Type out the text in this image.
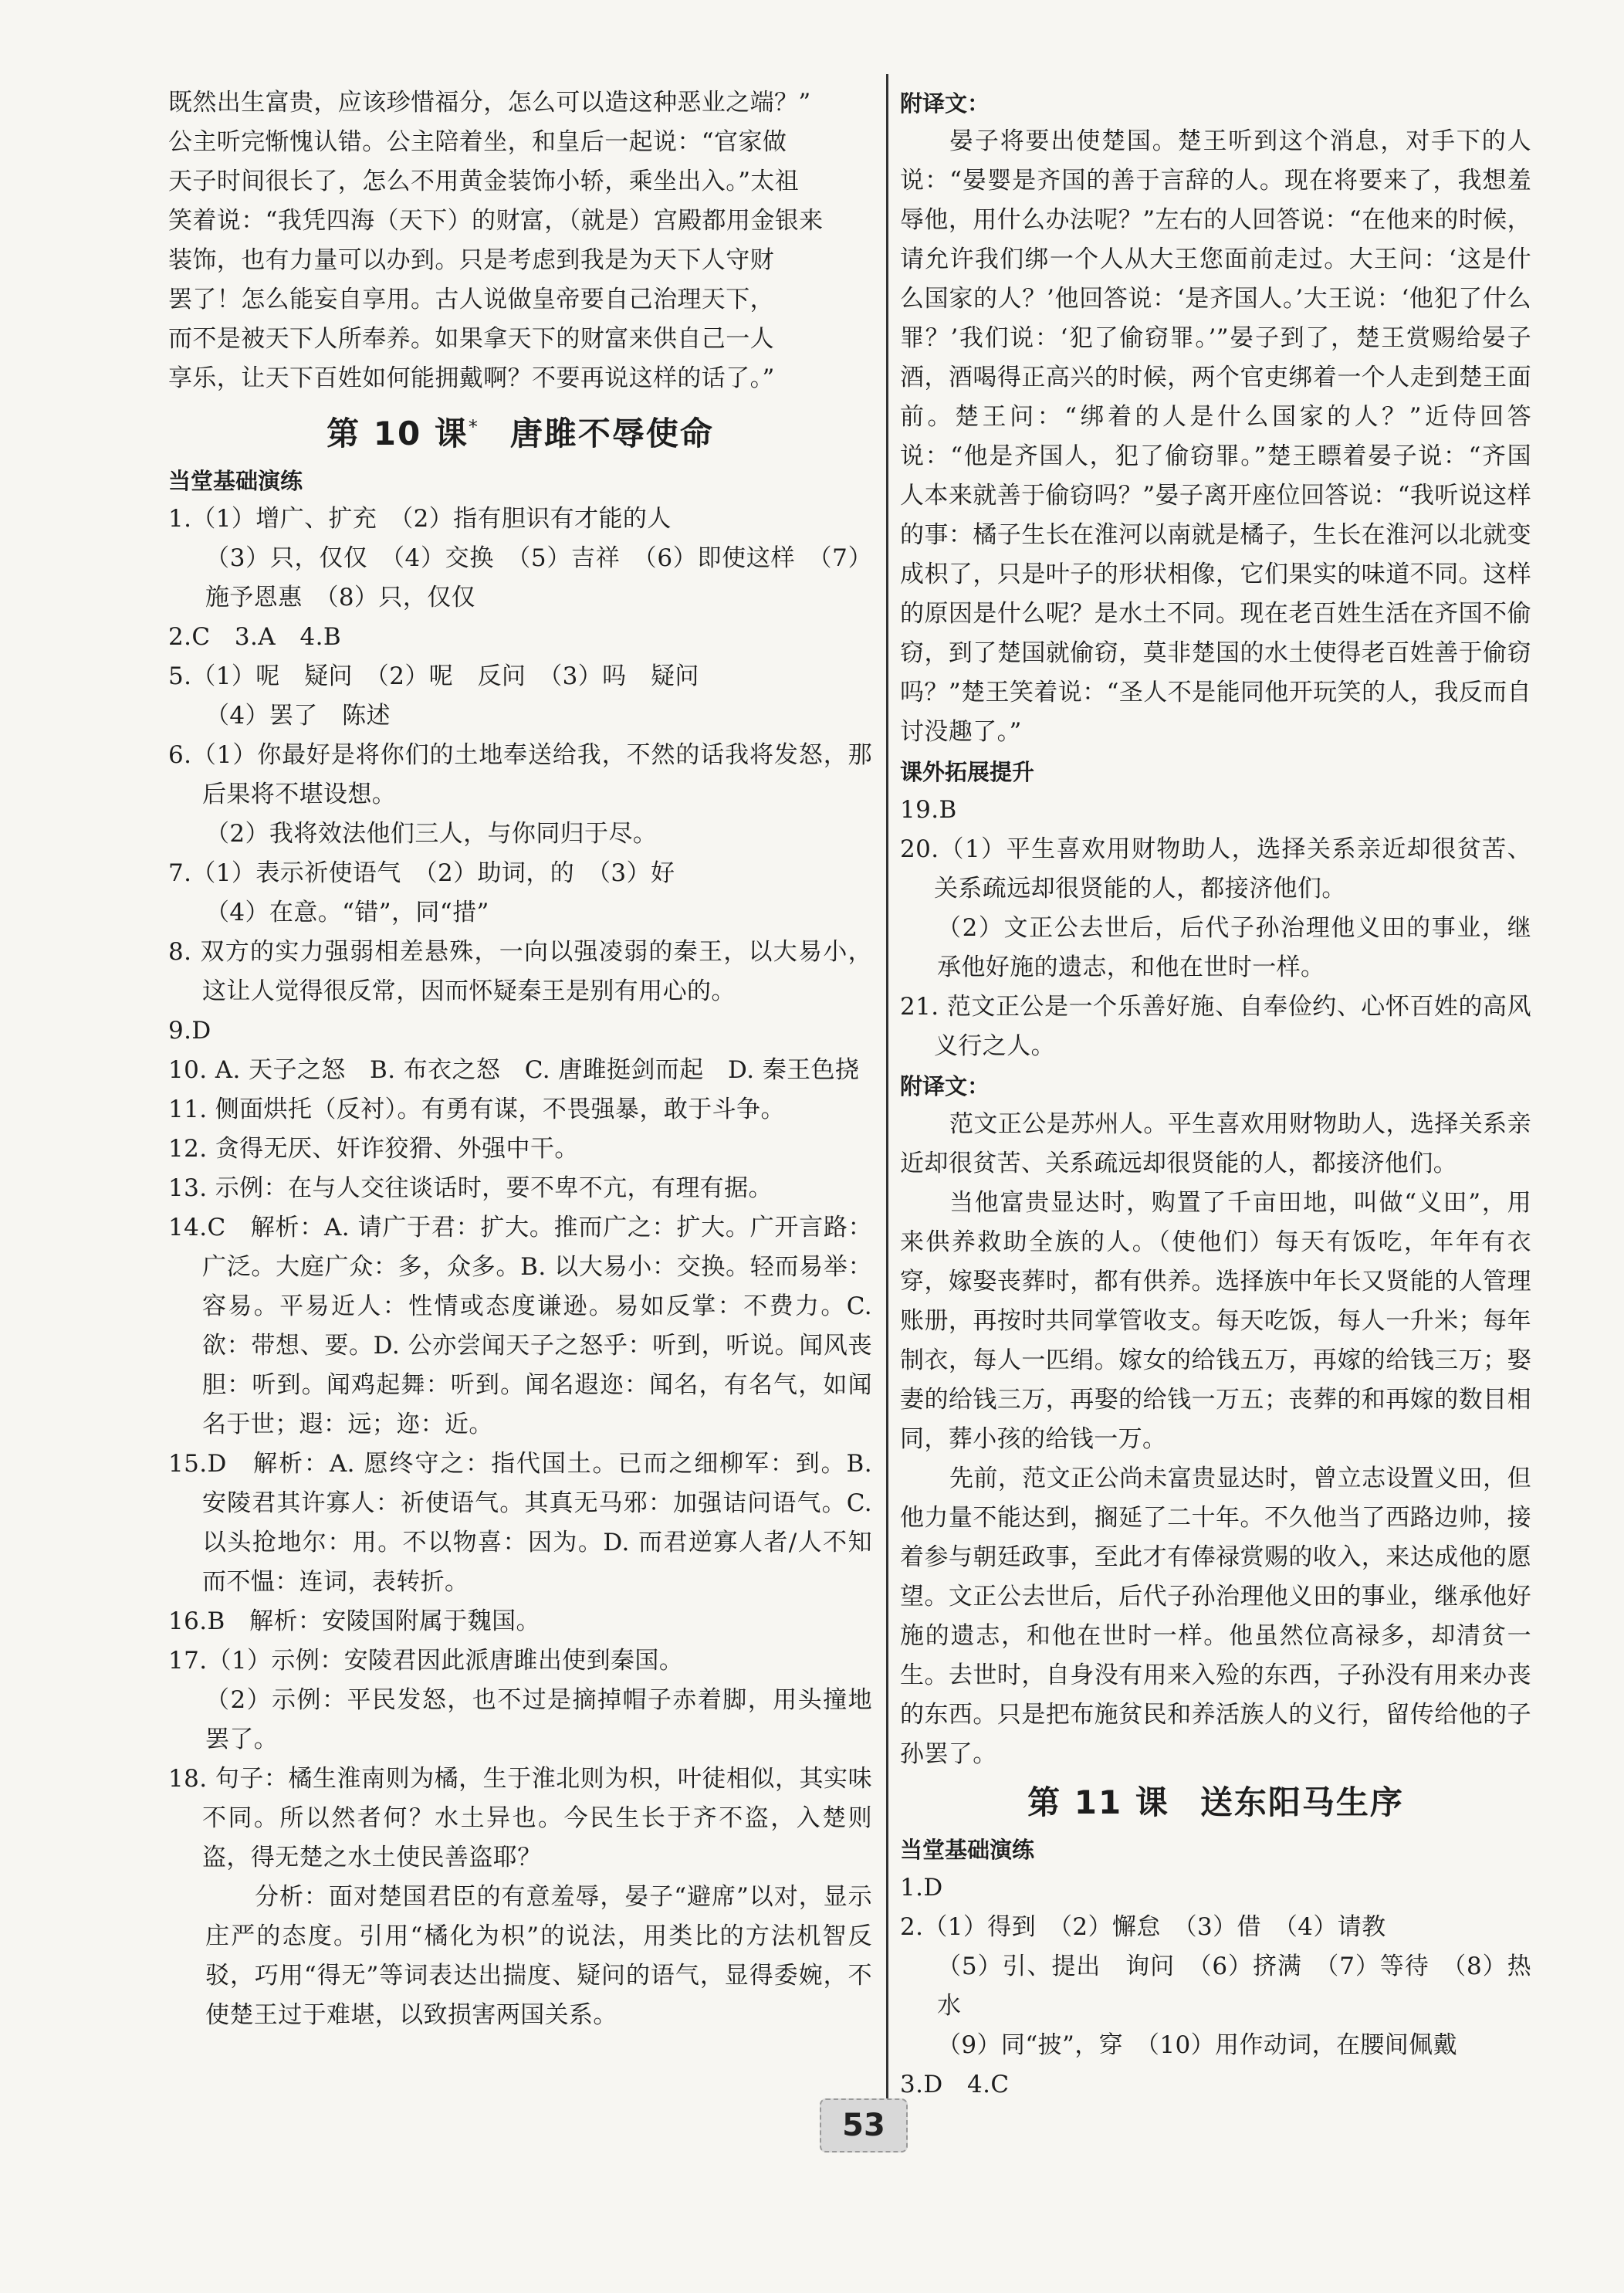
既然出生富贵，应该珍惜福分，怎么可以造这种恶业之端？”

公主听完惭愧认错。公主陪着坐，和皇后一起说：“官家做

天子时间很长了，怎么不用黄金装饰小轿，乘坐出入。”太祖

笑着说：“我凭四海（天下）的财富，（就是）宫殿都用金银来

装饰，也有力量可以办到。只是考虑到我是为天下人守财

罢了！怎么能妄自享用。古人说做皇帝要自己治理天下，

而不是被天下人所奉养。如果拿天下的财富来供自己一人

享乐，让天下百姓如何能拥戴啊？不要再说这样的话了。”

第 10 课* 唐雎不辱使命
当堂基础演练

1.（1）增广、扩充　（2）指有胆识有才能的人

（3）只，仅仅　（4）交换　（5）吉祥　（6）即使这样　（7）施予恩惠　（8）只，仅仅

2.C　3.A　4.B

5.（1）呢　疑问　（2）呢　反问　（3）吗　疑问

（4）罢了　陈述

6.（1）你最好是将你们的土地奉送给我，不然的话我将发怒，那后果将不堪设想。

（2）我将效法他们三人，与你同归于尽。

7.（1）表示祈使语气　（2）助词，的　（3）好

（4）在意。“错”，同“措”

8. 双方的实力强弱相差悬殊，一向以强凌弱的秦王，以大易小，这让人觉得很反常，因而怀疑秦王是别有用心的。

9.D

10. A. 天子之怒　B. 布衣之怒　C. 唐雎挺剑而起　D. 秦王色挠

11. 侧面烘托（反衬）。有勇有谋，不畏强暴，敢于斗争。

12. 贪得无厌、奸诈狡猾、外强中干。

13. 示例：在与人交往谈话时，要不卑不亢，有理有据。

14.C　解析：A. 请广于君：扩大。推而广之：扩大。广开言路：广泛。大庭广众：多，众多。B. 以大易小：交换。轻而易举：容易。平易近人：性情或态度谦逊。易如反掌：不费力。C. 欲：带想、要。D. 公亦尝闻天子之怒乎：听到，听说。闻风丧胆：听到。闻鸡起舞：听到。闻名遐迩：闻名，有名气，如闻名于世；遐：远；迩：近。

15.D　解析：A. 愿终守之：指代国土。已而之细柳军：到。B. 安陵君其许寡人：祈使语气。其真无马邪：加强诘问语气。C. 以头抢地尔：用。不以物喜：因为。D. 而君逆寡人者/人不知而不愠：连词，表转折。

16.B　解析：安陵国附属于魏国。

17.（1）示例：安陵君因此派唐雎出使到秦国。

（2）示例：平民发怒，也不过是摘掉帽子赤着脚，用头撞地罢了。

18. 句子：橘生淮南则为橘，生于淮北则为枳，叶徒相似，其实味不同。所以然者何？水土异也。今民生长于齐不盗，入楚则盗，得无楚之水土使民善盗耶？

分析：面对楚国君臣的有意羞辱，晏子“避席”以对，显示庄严的态度。引用“橘化为枳”的说法，用类比的方法机智反驳，巧用“得无”等词表达出揣度、疑问的语气，显得委婉，不使楚王过于难堪，以致损害两国关系。

附译文：

晏子将要出使楚国。楚王听到这个消息，对手下的人说：“晏婴是齐国的善于言辞的人。现在将要来了，我想羞辱他，用什么办法呢？”左右的人回答说：“在他来的时候，请允许我们绑一个人从大王您面前走过。大王问：‘这是什么国家的人？’他回答说：‘是齐国人。’大王说：‘他犯了什么罪？’我们说：‘犯了偷窃罪。’”晏子到了，楚王赏赐给晏子酒，酒喝得正高兴的时候，两个官吏绑着一个人走到楚王面前。楚王问：“绑着的人是什么国家的人？”近侍回答说：“他是齐国人，犯了偷窃罪。”楚王瞟着晏子说：“齐国人本来就善于偷窃吗？”晏子离开座位回答说：“我听说这样的事：橘子生长在淮河以南就是橘子，生长在淮河以北就变成枳了，只是叶子的形状相像，它们果实的味道不同。这样的原因是什么呢？是水土不同。现在老百姓生活在齐国不偷窃，到了楚国就偷窃，莫非楚国的水土使得老百姓善于偷窃吗？”楚王笑着说：“圣人不是能同他开玩笑的人，我反而自讨没趣了。”

课外拓展提升

19.B

20.（1）平生喜欢用财物助人，选择关系亲近却很贫苦、关系疏远却很贤能的人，都接济他们。

（2）文正公去世后，后代子孙治理他义田的事业，继承他好施的遗志，和他在世时一样。

21. 范文正公是一个乐善好施、自奉俭约、心怀百姓的高风义行之人。

附译文：

范文正公是苏州人。平生喜欢用财物助人，选择关系亲近却很贫苦、关系疏远却很贤能的人，都接济他们。

当他富贵显达时，购置了千亩田地，叫做“义田”，用来供养救助全族的人。（使他们）每天有饭吃，年年有衣穿，嫁娶丧葬时，都有供养。选择族中年长又贤能的人管理账册，再按时共同掌管收支。每天吃饭，每人一升米；每年制衣，每人一匹绢。嫁女的给钱五万，再嫁的给钱三万；娶妻的给钱三万，再娶的给钱一万五；丧葬的和再嫁的数目相同，葬小孩的给钱一万。

先前，范文正公尚未富贵显达时，曾立志设置义田，但他力量不能达到，搁延了二十年。不久他当了西路边帅，接着参与朝廷政事，至此才有俸禄赏赐的收入，来达成他的愿望。文正公去世后，后代子孙治理他义田的事业，继承他好施的遗志，和他在世时一样。他虽然位高禄多，却清贫一生。去世时，自身没有用来入殓的东西，子孙没有用来办丧的东西。只是把布施贫民和养活族人的义行，留传给他的子孙罢了。

第 11 课 送东阳马生序
当堂基础演练

1.D

2.（1）得到　（2）懈怠　（3）借　（4）请教

（5）引、提出　询问　（6）挤满　（7）等待　（8）热水

（9）同“披”，穿　（10）用作动词，在腰间佩戴

3.D　4.C

53
